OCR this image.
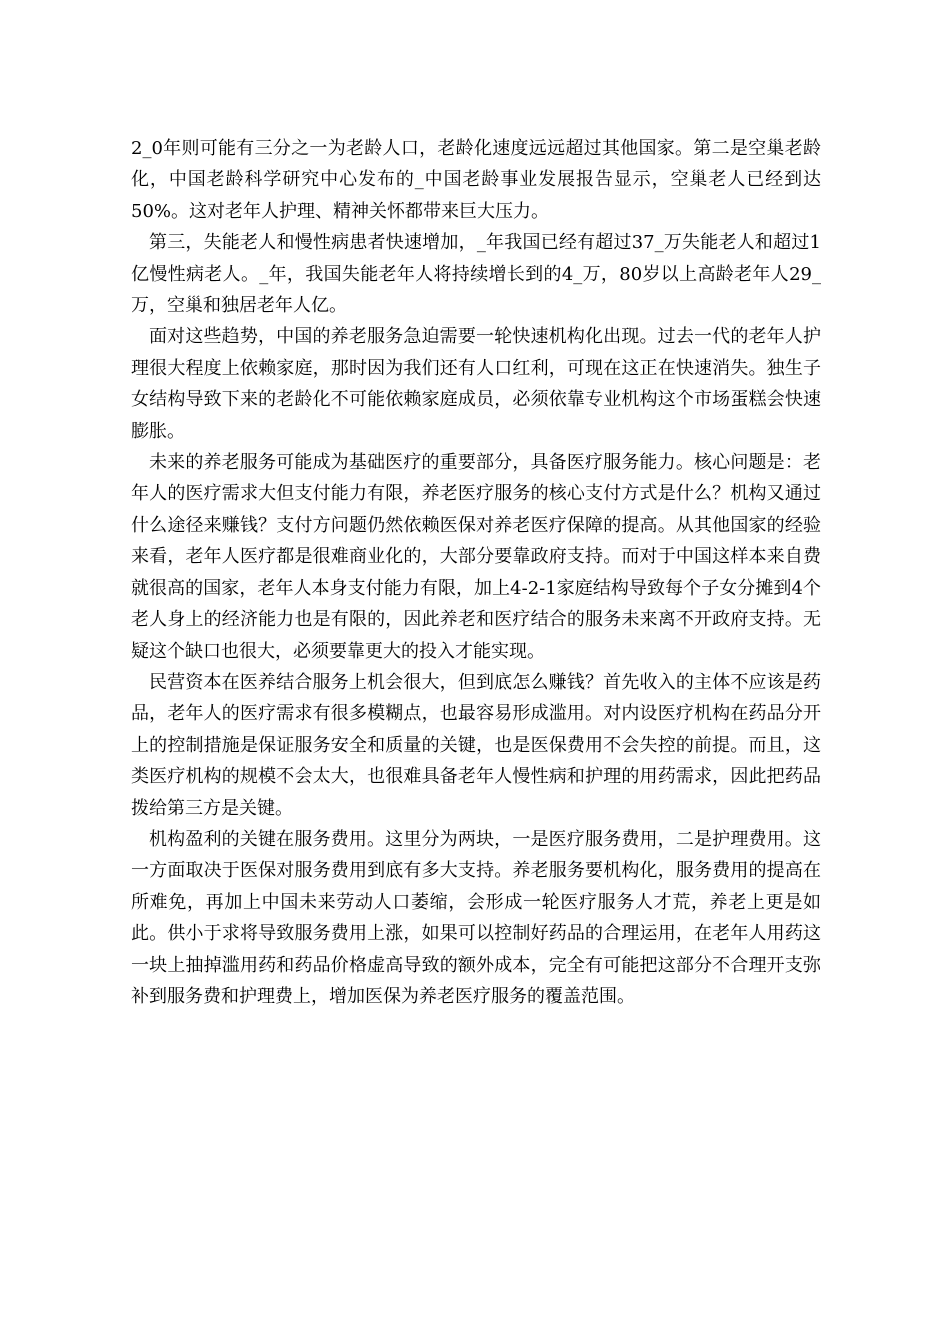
2_0年则可能有三分之一为老龄人口，老龄化速度远远超过其他国家。第二是空巢老龄化，中国老龄科学研究中心发布的_中国老龄事业发展报告显示，空巢老人已经到达50%。这对老年人护理、精神关怀都带来巨大压力。

第三，失能老人和慢性病患者快速增加，_年我国已经有超过37_万失能老人和超过1亿慢性病老人。_年，我国失能老年人将持续增长到的4_万，80岁以上高龄老年人29_万，空巢和独居老年人亿。

面对这些趋势，中国的养老服务急迫需要一轮快速机构化出现。过去一代的老年人护理很大程度上依赖家庭，那时因为我们还有人口红利，可现在这正在快速消失。独生子女结构导致下来的老龄化不可能依赖家庭成员，必须依靠专业机构这个市场蛋糕会快速膨胀。

未来的养老服务可能成为基础医疗的重要部分，具备医疗服务能力。核心问题是：老年人的医疗需求大但支付能力有限，养老医疗服务的核心支付方式是什么？机构又通过什么途径来赚钱？支付方问题仍然依赖医保对养老医疗保障的提高。从其他国家的经验来看，老年人医疗都是很难商业化的，大部分要靠政府支持。而对于中国这样本来自费就很高的国家，老年人本身支付能力有限，加上4-2-1家庭结构导致每个子女分摊到4个老人身上的经济能力也是有限的，因此养老和医疗结合的服务未来离不开政府支持。无疑这个缺口也很大，必须要靠更大的投入才能实现。

民营资本在医养结合服务上机会很大，但到底怎么赚钱？首先收入的主体不应该是药品，老年人的医疗需求有很多模糊点，也最容易形成滥用。对内设医疗机构在药品分开上的控制措施是保证服务安全和质量的关键，也是医保费用不会失控的前提。而且，这类医疗机构的规模不会太大，也很难具备老年人慢性病和护理的用药需求，因此把药品拨给第三方是关键。

机构盈利的关键在服务费用。这里分为两块，一是医疗服务费用，二是护理费用。这一方面取决于医保对服务费用到底有多大支持。养老服务要机构化，服务费用的提高在所难免，再加上中国未来劳动人口萎缩，会形成一轮医疗服务人才荒，养老上更是如此。供小于求将导致服务费用上涨，如果可以控制好药品的合理运用，在老年人用药这一块上抽掉滥用药和药品价格虚高导致的额外成本，完全有可能把这部分不合理开支弥补到服务费和护理费上，增加医保为养老医疗服务的覆盖范围。
